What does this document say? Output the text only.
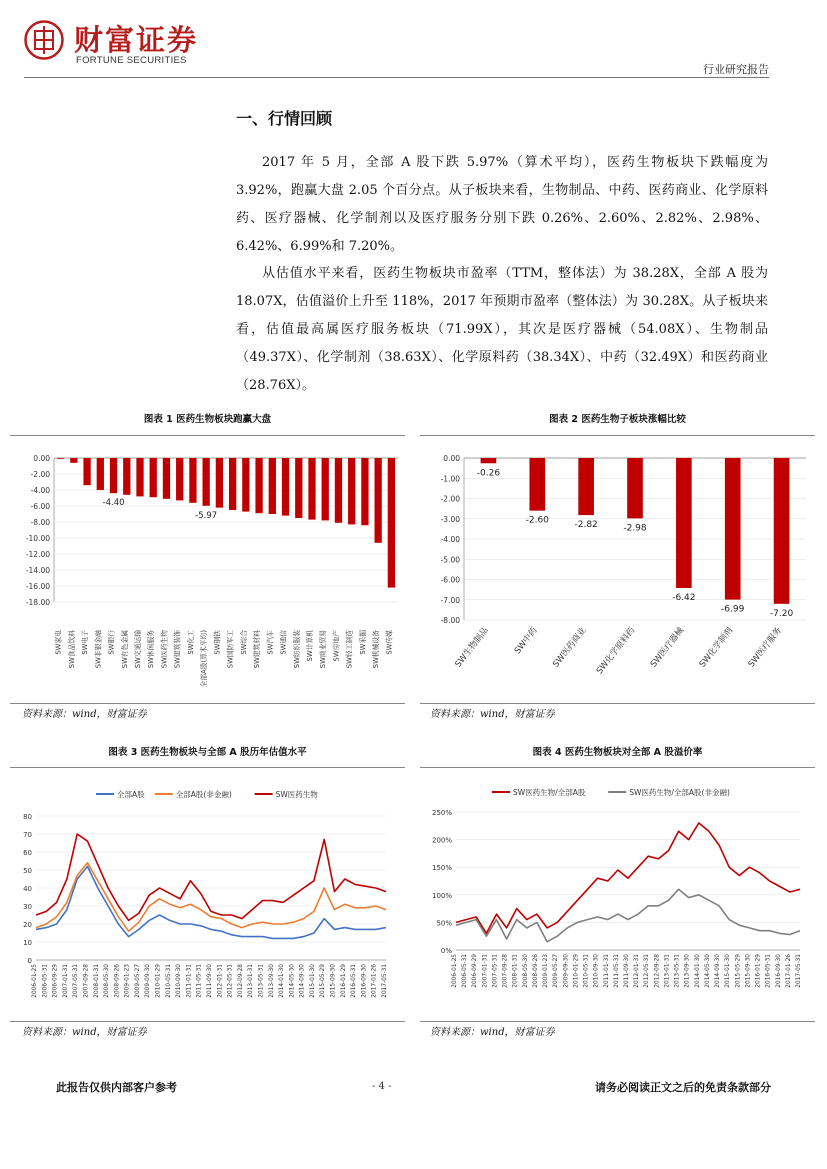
财富证券
FORTUNE SECURITIES
行业研究报告
一、行情回顾

2017 年 5 月，全部 A 股下跌 5.97%（算术平均），医药生物板块下跌幅度为 3.92%，跑赢大盘 2.05 个百分点。从子板块来看，生物制品、中药、医药商业、化学原料药、医疗器械、化学制剂以及医疗服务分别下跌 0.26%、2.60%、2.82%、2.98%、6.42%、6.99%和 7.20%。

从估值水平来看，医药生物板块市盈率（TTM，整体法）为 38.28X，全部 A 股为 18.07X，估值溢价上升至 118%，2017 年预期市盈率（整体法）为 30.28X。从子板块来看，估值最高属医疗服务板块（71.99X），其次是医疗器械（54.08X）、生物制品（49.37X）、化学制剂（38.63X）、化学原料药（38.34X）、中药（32.49X）和医药商业（28.76X）。

图表 1 医药生物板块跑赢大盘
0.00
-2.00
-4.00
-6.00
-8.00
-10.00
-12.00
-14.00
-16.00
-18.00
SW家电 SW食品饮料 SW电子 SW非银金融 SW银行 SW有色金属 SW交通运输 SW休闲服务 SW医药生物 SW建筑装饰 SW化工 全部A股(算术平均) SW钢铁 SW国防军工 SW综合 SW建筑材料 SW汽车 SW通信 SW纺织服装 SW计算机 SW商业贸易 SW房地产 SW轻工制造 SW采掘 SW机械设备 SW传媒
-4.40
-5.97
资料来源：wind，财富证券
图表 2 医药生物子板块涨幅比较
0.00
-1.00
-2.00
-3.00
-4.00
-5.00
-6.00
-7.00
-8.00
SW生物制品	SW中药 SW医药商业 SW化学原料药 SW医疗器械 SW化学制剂 SW医疗服务
-0.26
-2.60	-2.82	-2.98
-6.42
-6.99	-7.20
资料来源：wind，财富证券
图表 3 医药生物板块与全部 A 股历年估值水平
0
10
20
30
40
50
60
70
80
2006-01-25 2006-05-31 2006-09-29 2007-01-31 2007-05-31 2007-09-28 2008-01-31 2008-05-30 2008-09-26 2009-01-23 2009-05-27 2009-09-30 2010-01-29 2010-05-31 2010-09-30 2011-01-31 2011-05-31 2011-09-30 2012-01-31 2012-05-31 2012-09-28 2013-01-31 2013-05-31 2013-09-30 2014-01-30 2014-05-30 2014-09-30 2015-01-30 2015-05-29 2015-09-30 2016-01-29 2016-05-31 2016-09-30 2017-01-26 2017-05-31
全部A股	全部A股(非金融)	SW医药生物
资料来源：wind，财富证券
图表 4 医药生物板块对全部 A 股溢价率
0%
50%
100%
150%
200%
250%
2006-01-25 2006-05-31 2006-09-29 2007-01-31 2007-05-31 2007-09-28 2008-01-31 2008-05-30 2008-09-26 2009-01-23 2009-05-27 2009-09-30 2010-01-29 2010-05-31 2010-09-30 2011-01-31 2011-05-31 2011-09-30 2012-01-31 2012-05-31 2012-09-28 2013-01-31 2013-05-31 2013-09-30 2014-01-30 2014-05-30 2014-09-30 2015-01-30 2015-05-29 2015-09-30 2016-01-29 2016-05-31 2016-09-30 2017-01-26 2017-05-31
SW医药生物/全部A股	SW医药生物/全部A股(非金融)
资料来源：wind，财富证券
此报告仅供内部客户参考	- 4 -	请务必阅读正文之后的免责条款部分
